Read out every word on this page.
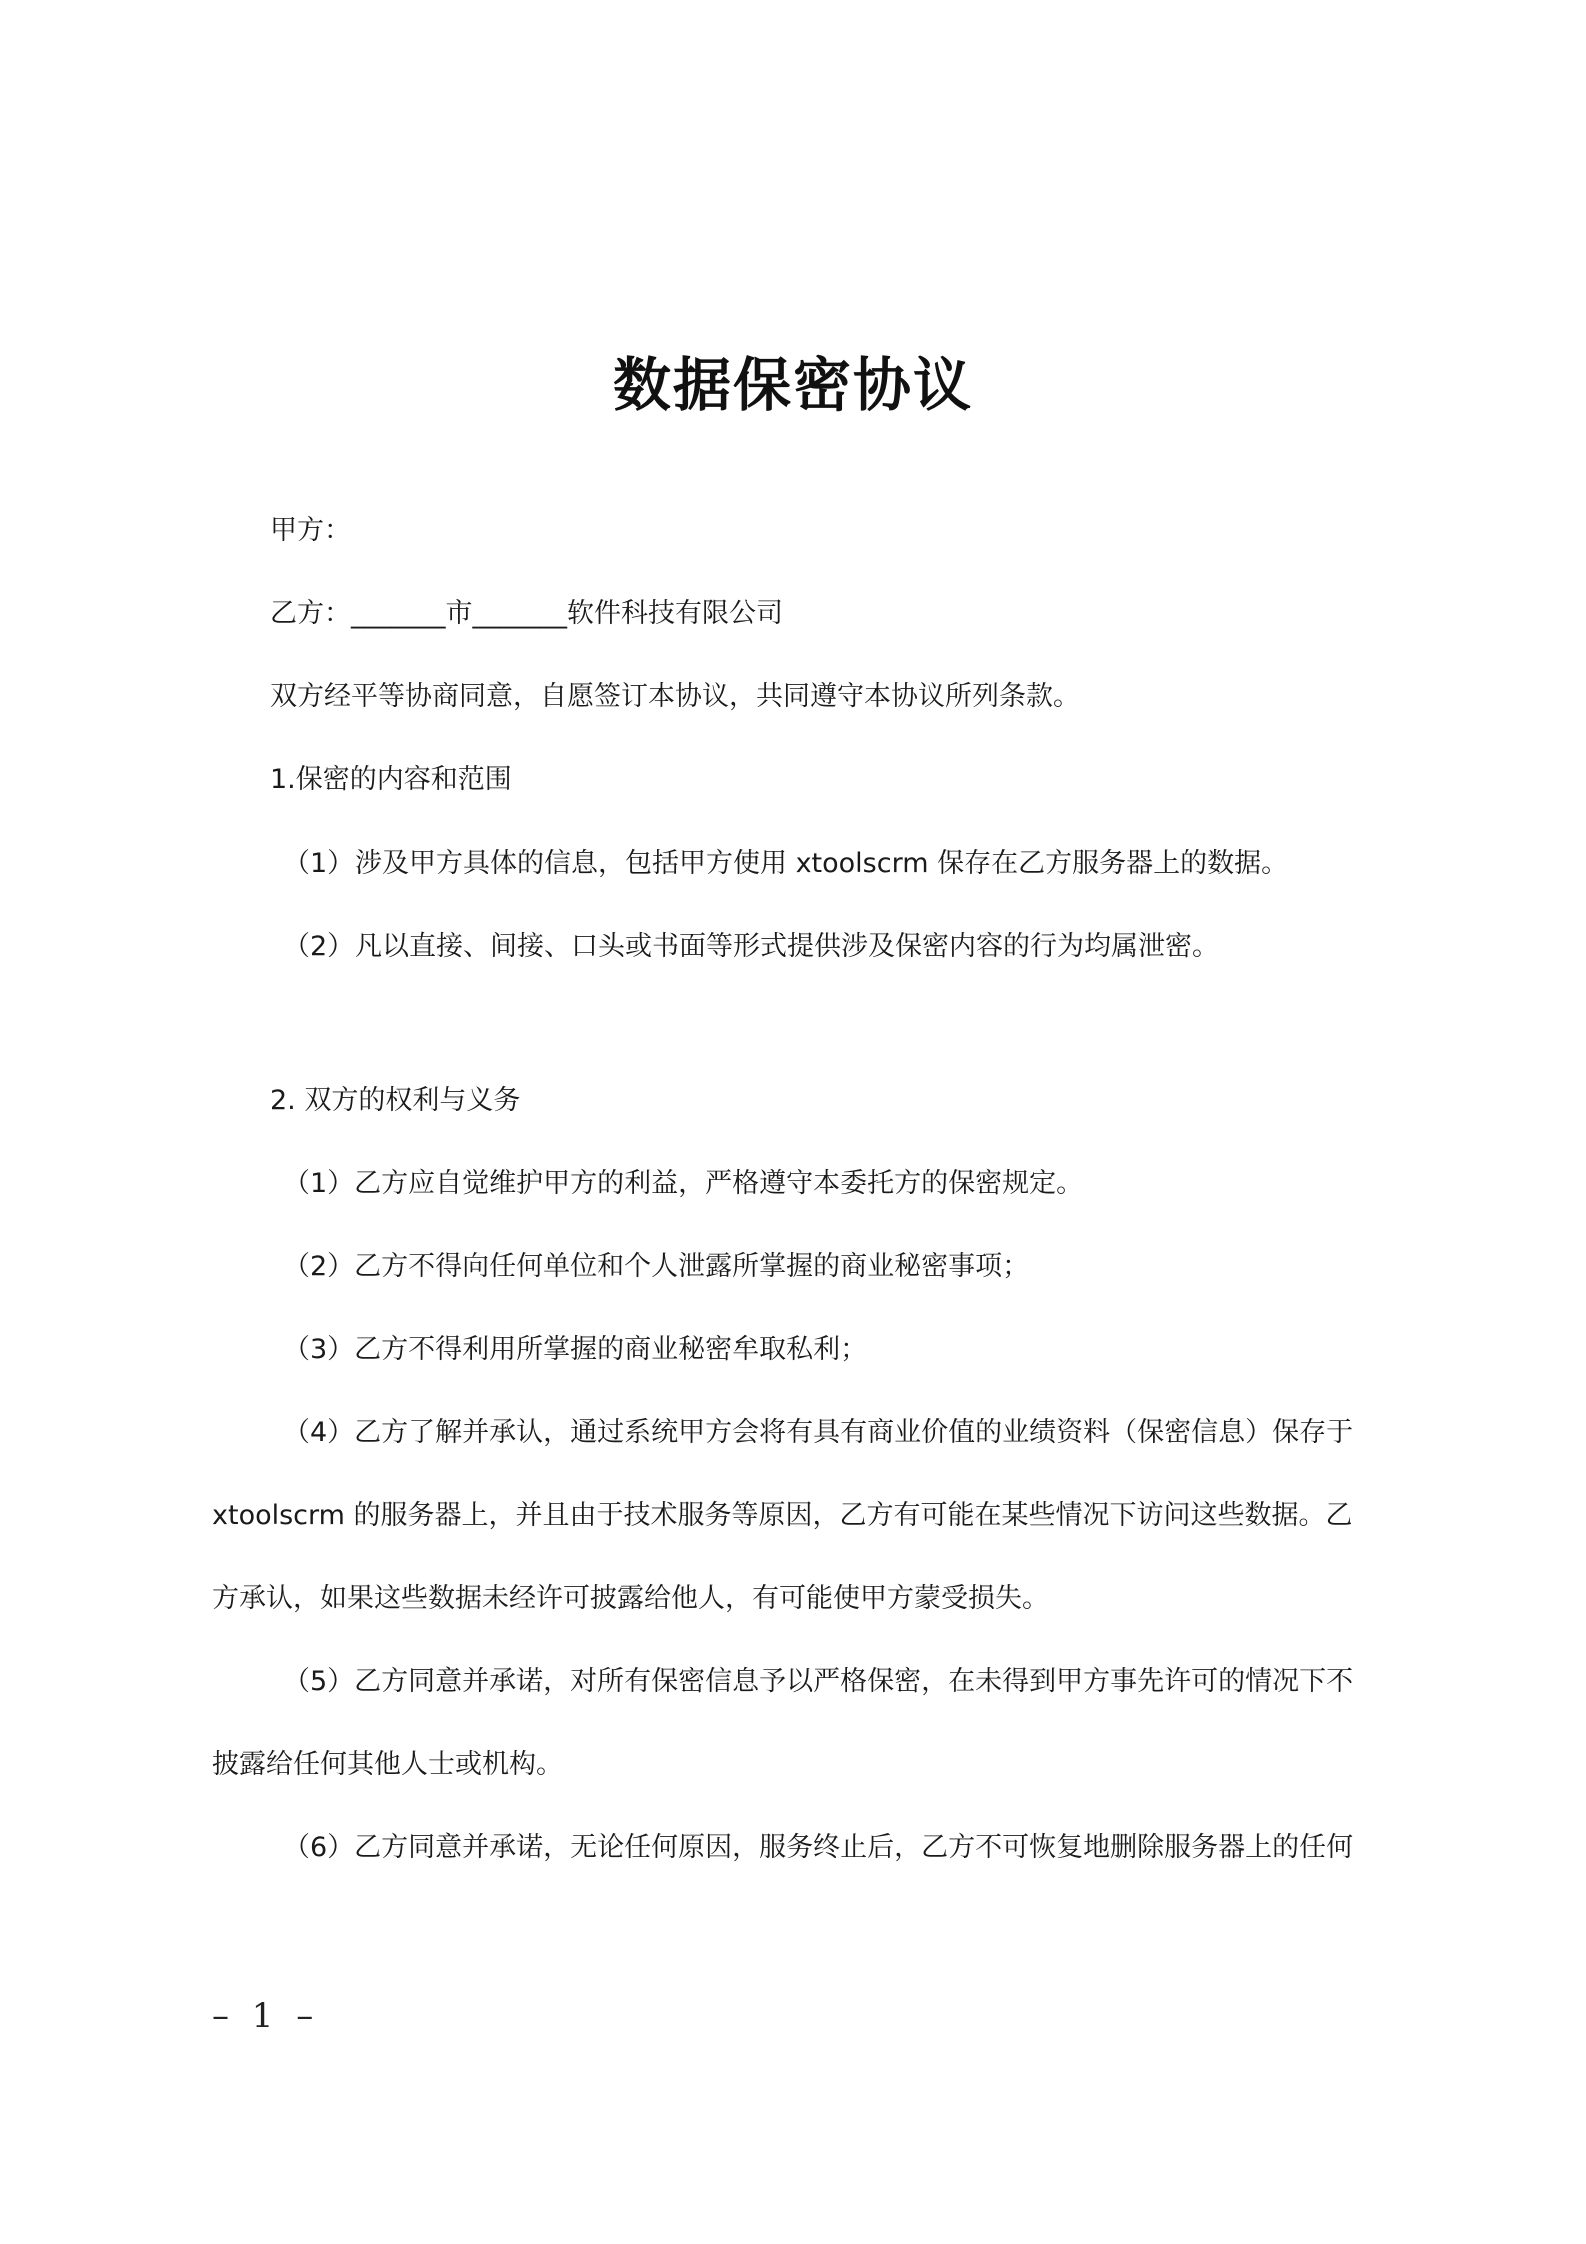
数据保密协议
甲方：
乙方：_______市_______软件科技有限公司
双方经平等协商同意，自愿签订本协议，共同遵守本协议所列条款。
1.保密的内容和范围
（1）涉及甲方具体的信息，包括甲方使用 xtoolscrm 保存在乙方服务器上的数据。
（2）凡以直接、间接、口头或书面等形式提供涉及保密内容的行为均属泄密。
2. 双方的权利与义务
（1）乙方应自觉维护甲方的利益，严格遵守本委托方的保密规定。
（2）乙方不得向任何单位和个人泄露所掌握的商业秘密事项；
（3）乙方不得利用所掌握的商业秘密牟取私利；
（4）乙方了解并承认，通过系统甲方会将有具有商业价值的业绩资料（保密信息）保存于
xtoolscrm 的服务器上，并且由于技术服务等原因，乙方有可能在某些情况下访问这些数据。乙
方承认，如果这些数据未经许可披露给他人，有可能使甲方蒙受损失。
（5）乙方同意并承诺，对所有保密信息予以严格保密，在未得到甲方事先许可的情况下不
披露给任何其他人士或机构。
（6）乙方同意并承诺，无论任何原因，服务终止后，乙方不可恢复地删除服务器上的任何
– 1 –
